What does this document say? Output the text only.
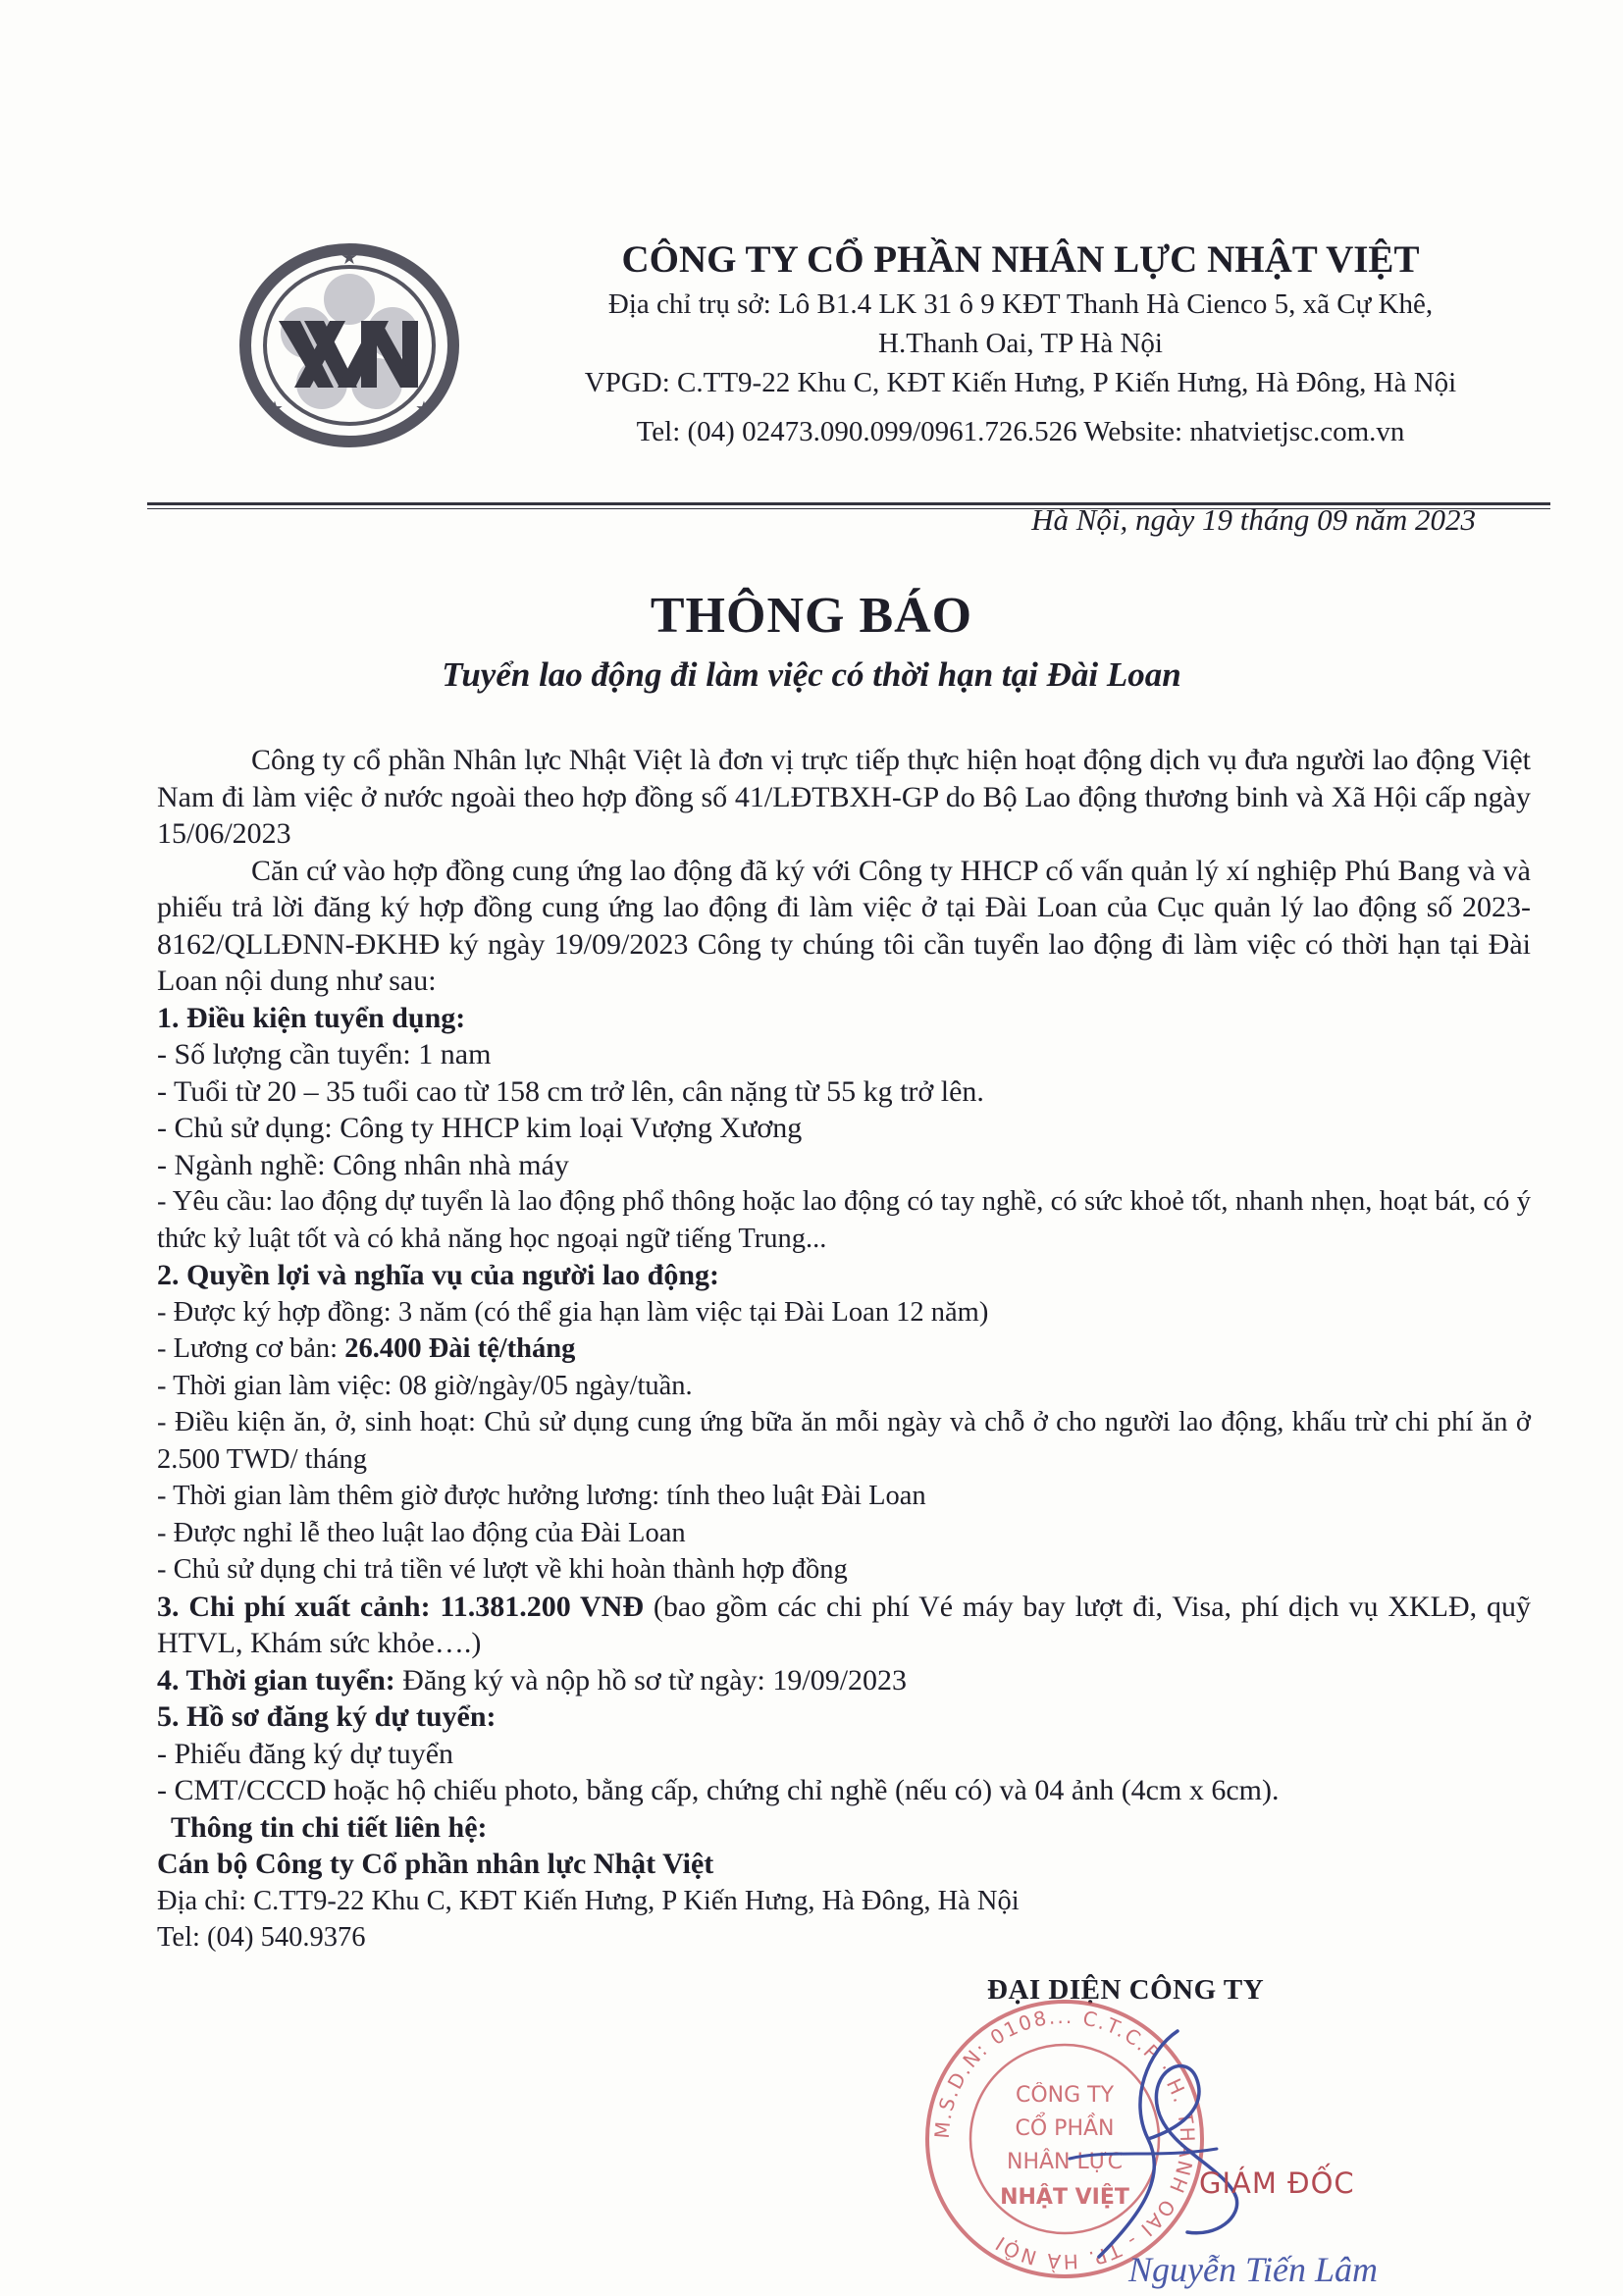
★
★	★
CÔNG TY CỔ PHẦN NHÂN LỰC NHẬT VIỆT
Địa chỉ trụ sở: Lô B1.4 LK 31 ô 9 KĐT Thanh Hà Cienco 5, xã Cự Khê,
H.Thanh Oai, TP Hà Nội
VPGD: C.TT9-22 Khu C, KĐT Kiến Hưng, P Kiến Hưng, Hà Đông, Hà Nội
Tel: (04) 02473.090.099/0961.726.526 Website: nhatvietjsc.com.vn
Hà Nội, ngày 19 tháng 09 năm 2023
THÔNG BÁO
Tuyển lao động đi làm việc có thời hạn tại Đài Loan

Công ty cổ phần Nhân lực Nhật Việt là đơn vị trực tiếp thực hiện hoạt động dịch vụ đưa người lao động Việt Nam đi làm việc ở nước ngoài theo hợp đồng số 41/LĐTBXH-GP do Bộ Lao động thương binh và Xã Hội cấp ngày 15/06/2023

Căn cứ vào hợp đồng cung ứng lao động đã ký với Công ty HHCP cố vấn quản lý xí nghiệp Phú Bang và và phiếu trả lời đăng ký hợp đồng cung ứng lao động đi làm việc ở tại Đài Loan của Cục quản lý lao động số 2023-8162/QLLĐNN-ĐKHĐ ký ngày 19/09/2023 Công ty chúng tôi cần tuyển lao động đi làm việc có thời hạn tại Đài Loan nội dung như sau:

1. Điều kiện tuyển dụng:

- Số lượng cần tuyển: 1 nam

- Tuổi từ 20 – 35 tuổi cao từ 158 cm trở lên, cân nặng từ 55 kg trở lên.

- Chủ sử dụng: Công ty HHCP kim loại Vượng Xương

- Ngành nghề: Công nhân nhà máy

- Yêu cầu: lao động dự tuyển là lao động phổ thông hoặc lao động có tay nghề, có sức khoẻ tốt, nhanh nhẹn, hoạt bát, có ý thức kỷ luật tốt và có khả năng học ngoại ngữ tiếng Trung...

2. Quyền lợi và nghĩa vụ của người lao động:

- Được ký hợp đồng: 3 năm (có thể gia hạn làm việc tại Đài Loan 12 năm)

- Lương cơ bản: 26.400 Đài tệ/tháng

- Thời gian làm việc: 08 giờ/ngày/05 ngày/tuần.

- Điều kiện ăn, ở, sinh hoạt: Chủ sử dụng cung ứng bữa ăn mỗi ngày và chỗ ở cho người lao động, khấu trừ chi phí ăn ở 2.500 TWD/ tháng

- Thời gian làm thêm giờ được hưởng lương: tính theo luật Đài Loan

- Được nghỉ lễ theo luật lao động của Đài Loan

- Chủ sử dụng chi trả tiền vé lượt về khi hoàn thành hợp đồng

3. Chi phí xuất cảnh: 11.381.200 VNĐ (bao gồm các chi phí Vé máy bay lượt đi, Visa, phí dịch vụ XKLĐ, quỹ HTVL, Khám sức khỏe….)

4. Thời gian tuyển: Đăng ký và nộp hồ sơ từ ngày: 19/09/2023

5. Hồ sơ đăng ký dự tuyển:

- Phiếu đăng ký dự tuyển

- CMT/CCCD hoặc hộ chiếu photo, bằng cấp, chứng chỉ nghề (nếu có) và 04 ảnh (4cm x 6cm).

Thông tin chi tiết liên hệ:

Cán bộ Công ty Cổ phần nhân lực Nhật Việt

Địa chỉ: C.TT9-22 Khu C, KĐT Kiến Hưng, P Kiến Hưng, Hà Đông, Hà Nội

Tel: (04) 540.9376

ĐẠI DIỆN CÔNG TY
M.S.D.N: 0108... C.T.C.P · H. THANH OAI - TP. HÀ NỘI
CÔNG TY
CỔ PHẦN
NHÂN LỰC
NHẬT VIỆT GIÁM ĐỐC
Nguyễn Tiến Lâm
